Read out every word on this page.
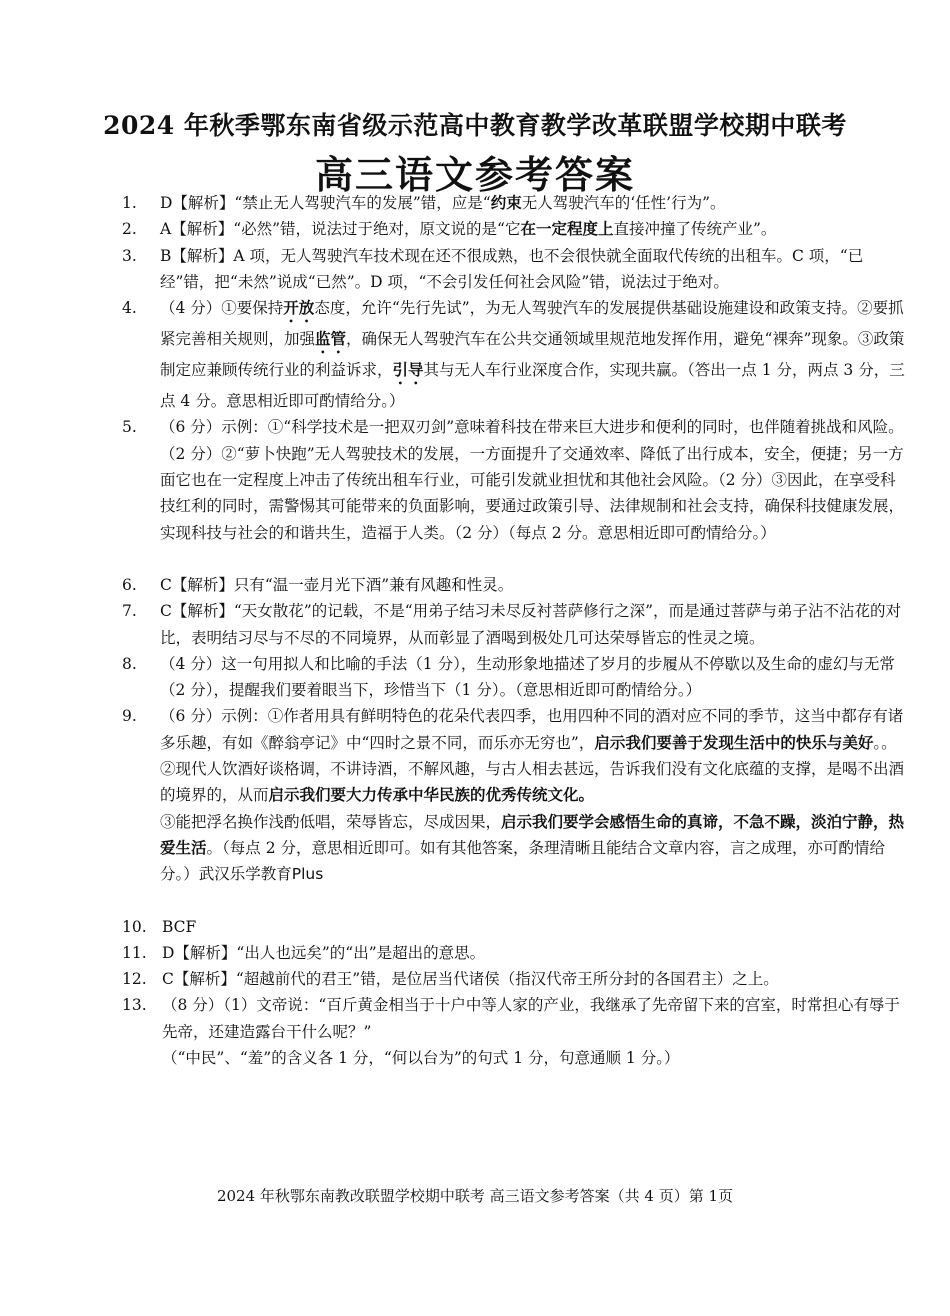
2024 年秋季鄂东南省级示范高中教育教学改革联盟学校期中联考
高三语文参考答案
1. D【解析】“禁止无人驾驶汽车的发展”错，应是“约束无人驾驶汽车的‘任性’行为”。
2. A【解析】“必然”错，说法过于绝对，原文说的是“它在一定程度上直接冲撞了传统产业”。
3. B【解析】A 项，无人驾驶汽车技术现在还不很成熟，也不会很快就全面取代传统的出租车。C 项，“已经”错，把“未然”说成“已然”。D 项，“不会引发任何社会风险”错，说法过于绝对。
4. （4 分）①要保持开放态度，允许“先行先试”，为无人驾驶汽车的发展提供基础设施建设和政策支持。②要抓紧完善相关规则，加强监管，确保无人驾驶汽车在公共交通领域里规范地发挥作用，避免“裸奔”现象。③政策制定应兼顾传统行业的利益诉求，引导其与无人车行业深度合作，实现共赢。（答出一点 1 分，两点 3 分，三点 4 分。意思相近即可酌情给分。）
5. （6 分）示例：①“科学技术是一把双刃剑”意味着科技在带来巨大进步和便利的同时，也伴随着挑战和风险。（2 分）②“萝卜快跑”无人驾驶技术的发展，一方面提升了交通效率、降低了出行成本，安全，便捷；另一方面它也在一定程度上冲击了传统出租车行业，可能引发就业担忧和其他社会风险。（2 分）③因此，在享受科技红利的同时，需警惕其可能带来的负面影响，要通过政策引导、法律规制和社会支持，确保科技健康发展，实现科技与社会的和谐共生，造福于人类。（2 分）（每点 2 分。意思相近即可酌情给分。）
6. C【解析】只有“温一壶月光下酒”兼有风趣和性灵。
7. C【解析】“天女散花”的记载，不是“用弟子结习未尽反衬菩萨修行之深”，而是通过菩萨与弟子沾不沾花的对比，表明结习尽与不尽的不同境界，从而彰显了酒喝到极处几可达荣辱皆忘的性灵之境。
8. （4 分）这一句用拟人和比喻的手法（1 分），生动形象地描述了岁月的步履从不停歇以及生命的虚幻与无常（2 分），提醒我们要着眼当下，珍惜当下（1 分）。（意思相近即可酌情给分。）
9. （6 分）示例：①作者用具有鲜明特色的花朵代表四季，也用四种不同的酒对应不同的季节，这当中都存有诸多乐趣，有如《醉翁亭记》中“四时之景不同，而乐亦无穷也”，启示我们要善于发现生活中的快乐与美好。。
②现代人饮酒好谈格调，不讲诗酒，不解风趣，与古人相去甚远，告诉我们没有文化底蕴的支撑，是喝不出酒的境界的，从而启示我们要大力传承中华民族的优秀传统文化。
③能把浮名换作浅酌低唱，荣辱皆忘，尽成因果，启示我们要学会感悟生命的真谛，不急不躁，淡泊宁静，热爱生活。（每点 2 分，意思相近即可。如有其他答案，条理清晰且能结合文章内容，言之成理，亦可酌情给分。）武汉乐学教育Plus
10. BCF
11. D【解析】“出人也远矣”的“出”是超出的意思。
12. C【解析】“超越前代的君王”错，是位居当代诸侯（指汉代帝王所分封的各国君主）之上。
13. （8 分）（1）文帝说：“百斤黄金相当于十户中等人家的产业，我继承了先帝留下来的宫室，时常担心有辱于先帝，还建造露台干什么呢？”
（“中民”、“羞”的含义各 1 分，“何以台为”的句式 1 分，句意通顺 1 分。）
2024 年秋鄂东南教改联盟学校期中联考 高三语文参考答案（共 4 页）第 1页
